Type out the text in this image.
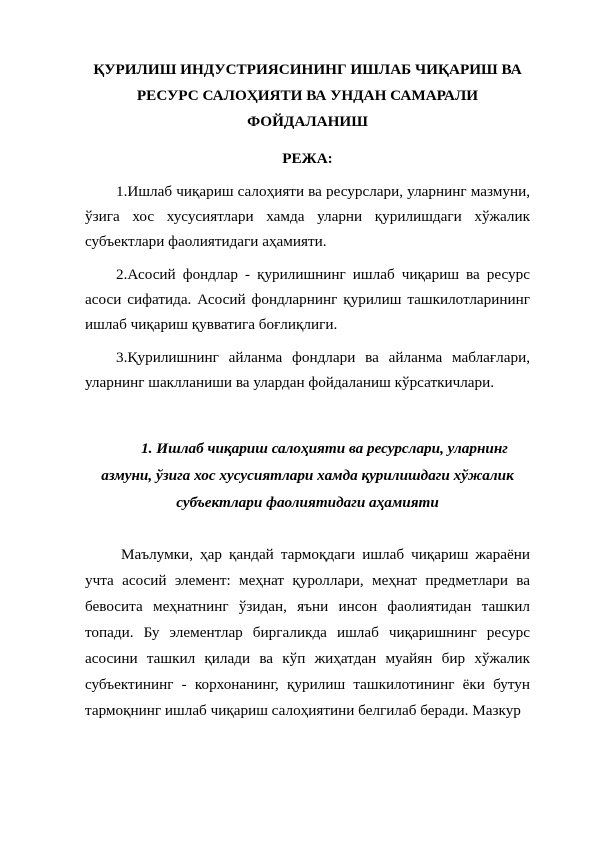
ҚУРИЛИШ ИНДУСТРИЯСИНИНГ ИШЛАБ ЧИҚАРИШ ВА
РЕСУРС САЛОҲИЯТИ ВА УНДАН САМАРАЛИ
ФОЙДАЛАНИШ

РЕЖА:

1.Ишлаб чиқариш салоҳияти ва ресурслари, уларнинг мазмуни, ўзига хос хусусиятлари хамда уларни қурилишдаги хўжалик субъектлари фаолиятидаги аҳамияти.

2.Асосий фондлар - қурилишнинг ишлаб чиқариш ва ресурс асоси сифатида. Асосий фондларнинг қурилиш ташкилотларининг ишлаб чиқариш қувватига боғлиқлиги.

3.Қурилишнинг айланма фондлари ва айланма маблағлари, уларнинг шаклланиши ва улардан фойдаланиш кўрсаткичлари.

1. Ишлаб чиқариш салоҳияти ва ресурслари, уларнинг
азмуни, ўзига хос хусусиятлари хамда қурилишдаги хўжалик
субъектлари фаолиятидаги аҳамияти

Маълумки, ҳар қандай тармоқдаги ишлаб чиқариш жараёни учта асосий элемент: меҳнат қуроллари, меҳнат предметлари ва бевосита меҳнатнинг ўзидан, яъни инсон фаолиятидан ташкил топади. Бу элементлар биргаликда ишлаб чиқаришнинг ресурс асосини ташкил қилади ва кўп жиҳатдан муайян бир хўжалик субъектининг - корхонанинг, қурилиш ташкилотининг ёки бутун тармоқнинг ишлаб чиқариш салоҳиятини белгилаб беради. Мазкур
